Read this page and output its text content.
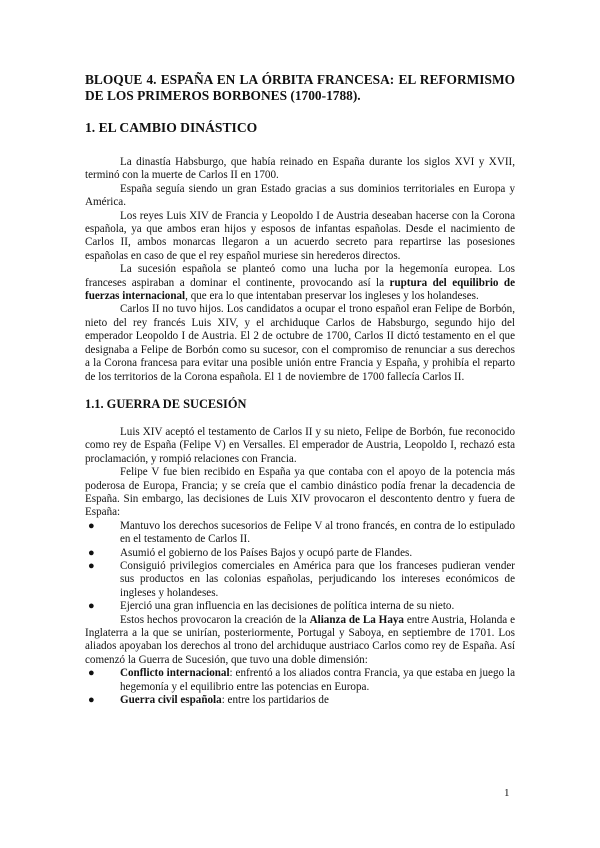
BLOQUE 4. ESPAÑA EN LA ÓRBITA FRANCESA: EL REFORMISMO DE LOS PRIMEROS BORBONES (1700-1788).
1. EL CAMBIO DINÁSTICO

La dinastía Habsburgo, que había reinado en España durante los siglos XVI y XVII, terminó con la muerte de Carlos II en 1700.

España seguía siendo un gran Estado gracias a sus dominios territoriales en Europa y América.

Los reyes Luis XIV de Francia y Leopoldo I de Austria deseaban hacerse con la Corona española, ya que ambos eran hijos y esposos de infantas españolas. Desde el nacimiento de Carlos II, ambos monarcas llegaron a un acuerdo secreto para repartirse las posesiones españolas en caso de que el rey español muriese sin herederos directos.

La sucesión española se planteó como una lucha por la hegemonía europea. Los franceses aspiraban a dominar el continente, provocando así la ruptura del equilibrio de fuerzas internacional, que era lo que intentaban preservar los ingleses y los holandeses.

Carlos II no tuvo hijos. Los candidatos a ocupar el trono español eran Felipe de Borbón, nieto del rey francés Luis XIV, y el archiduque Carlos de Habsburgo, segundo hijo del emperador Leopoldo I de Austria. El 2 de octubre de 1700, Carlos II dictó testamento en el que designaba a Felipe de Borbón como su sucesor, con el compromiso de renunciar a sus derechos a la Corona francesa para evitar una posible unión entre Francia y España, y prohibía el reparto de los territorios de la Corona española. El 1 de noviembre de 1700 fallecía Carlos II.

1.1. GUERRA DE SUCESIÓN

Luis XIV aceptó el testamento de Carlos II y su nieto, Felipe de Borbón, fue reconocido como rey de España (Felipe V) en Versalles. El emperador de Austria, Leopoldo I, rechazó esta proclamación, y rompió relaciones con Francia.

Felipe V fue bien recibido en España ya que contaba con el apoyo de la potencia más poderosa de Europa, Francia; y se creía que el cambio dinástico podía frenar la decadencia de España. Sin embargo, las decisiones de Luis XIV provocaron el descontento dentro y fuera de España:

● Mantuvo los derechos sucesorios de Felipe V al trono francés, en contra de lo estipulado en el testamento de Carlos II.
● Asumió el gobierno de los Países Bajos y ocupó parte de Flandes.
● Consiguió privilegios comerciales en América para que los franceses pudieran vender sus productos en las colonias españolas, perjudicando los intereses económicos de ingleses y holandeses.
● Ejerció una gran influencia en las decisiones de política interna de su nieto.

Estos hechos provocaron la creación de la Alianza de La Haya entre Austria, Holanda e Inglaterra a la que se unirían, posteriormente, Portugal y Saboya, en septiembre de 1701. Los aliados apoyaban los derechos al trono del archiduque austriaco Carlos como rey de España. Así comenzó la Guerra de Sucesión, que tuvo una doble dimensión:

● Conflicto internacional: enfrentó a los aliados contra Francia, ya que estaba en juego la hegemonía y el equilibrio entre las potencias en Europa.
● Guerra civil española: entre los partidarios de
1
